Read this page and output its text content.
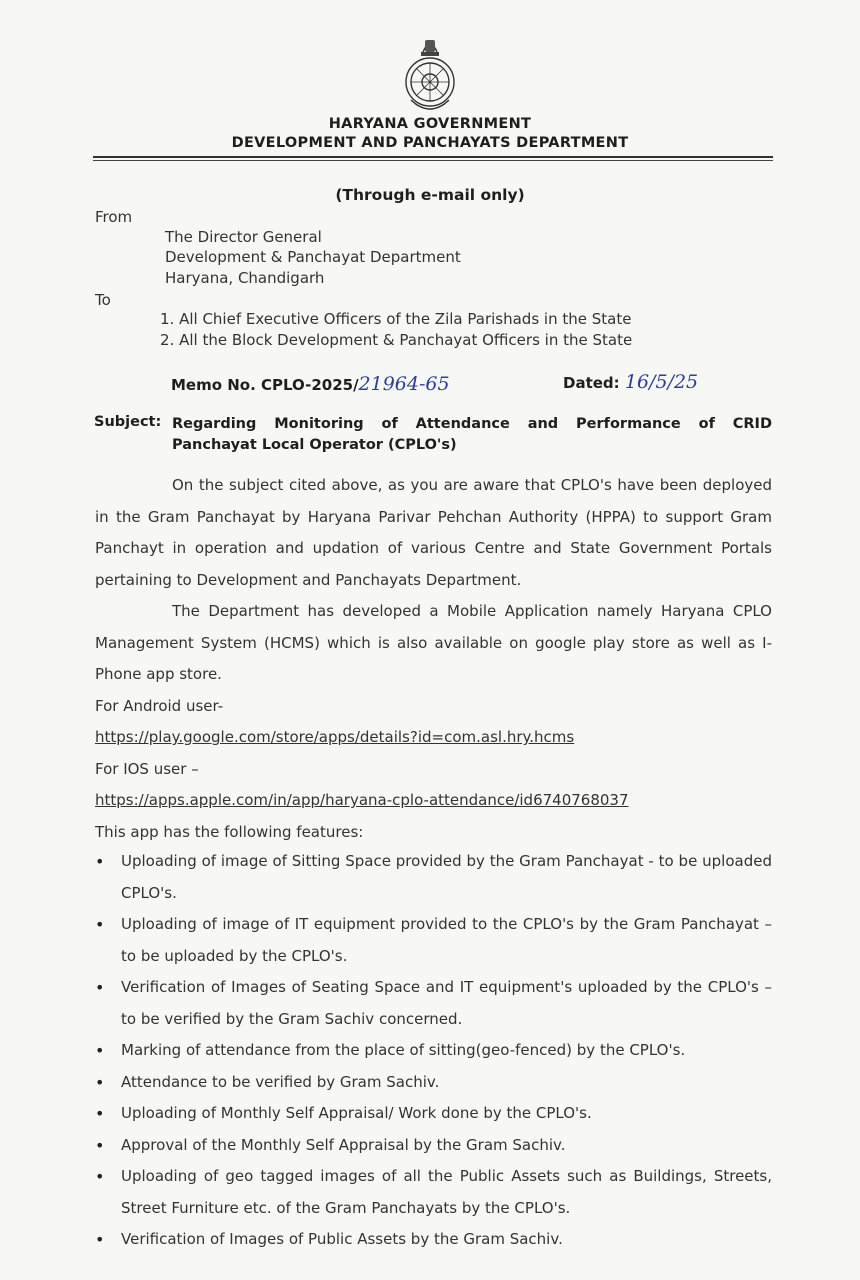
HARYANA GOVERNMENT
DEVELOPMENT AND PANCHAYATS DEPARTMENT
(Through e-mail only)
From
The Director General
Development & Panchayat Department
Haryana, Chandigarh
To
1. All Chief Executive Officers of the Zila Parishads in the State
2. All the Block Development & Panchayat Officers in the State
Memo No. CPLO-2025/21964-65	Dated: 16/5/25
Subject: Regarding Monitoring of Attendance and Performance of CRID Panchayat Local Operator (CPLO's)
On the subject cited above, as you are aware that CPLO's have been deployed in the Gram Panchayat by Haryana Parivar Pehchan Authority (HPPA) to support Gram Panchayt in operation and updation of various Centre and State Government Portals pertaining to Development and Panchayats Department.
The Department has developed a Mobile Application namely Haryana CPLO Management System (HCMS) which is also available on google play store as well as I-Phone app store.
For Android user-
https://play.google.com/store/apps/details?id=com.asl.hry.hcms
For IOS user –
https://apps.apple.com/in/app/haryana-cplo-attendance/id6740768037
This app has the following features:
• Uploading of image of Sitting Space provided by the Gram Panchayat - to be uploaded CPLO's.
• Uploading of image of IT equipment provided to the CPLO's by the Gram Panchayat – to be uploaded by the CPLO's.
• Verification of Images of Seating Space and IT equipment's uploaded by the CPLO's – to be verified by the Gram Sachiv concerned.
• Marking of attendance from the place of sitting(geo-fenced) by the CPLO's.
• Attendance to be verified by Gram Sachiv.
• Uploading of Monthly Self Appraisal/ Work done by the CPLO's.
• Approval of the Monthly Self Appraisal by the Gram Sachiv.
• Uploading of geo tagged images of all the Public Assets such as Buildings, Streets, Street Furniture etc. of the Gram Panchayats by the CPLO's.
• Verification of Images of Public Assets by the Gram Sachiv.
